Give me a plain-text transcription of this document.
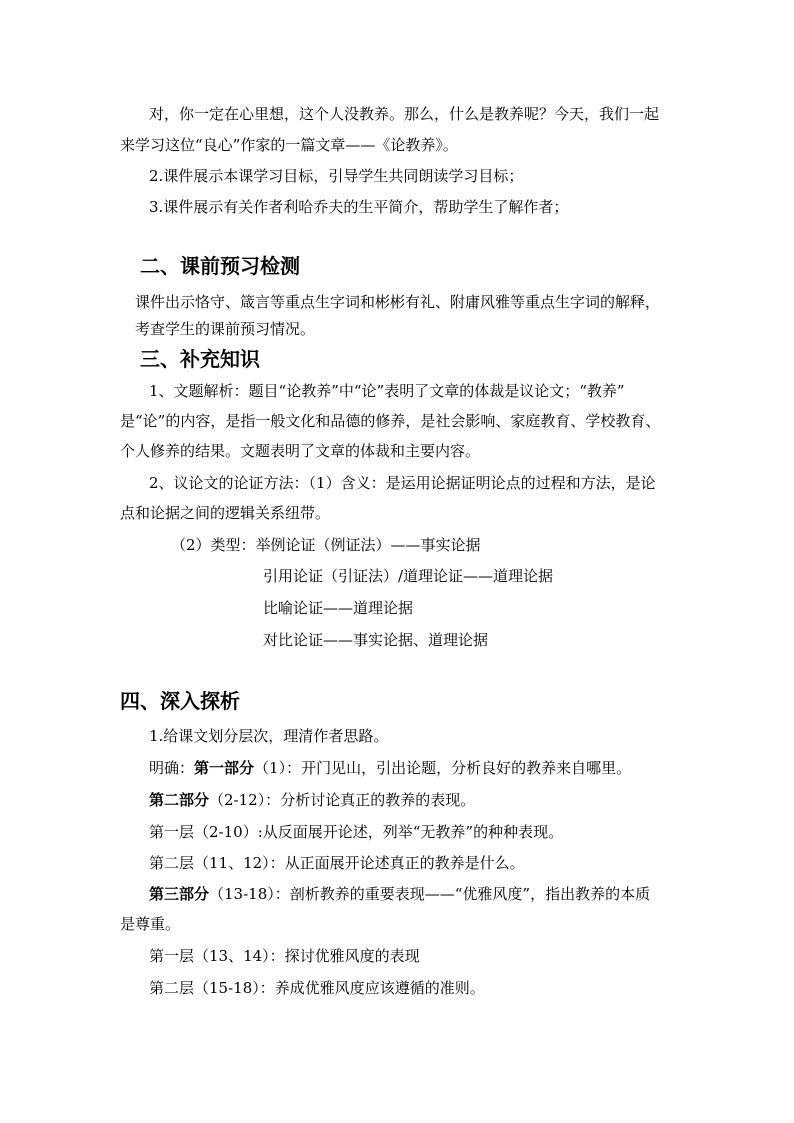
对，你一定在心里想，这个人没教养。那么，什么是教养呢？今天，我们一起
来学习这位“良心”作家的一篇文章——《论教养》。
2.课件展示本课学习目标，引导学生共同朗读学习目标；
3.课件展示有关作者利哈乔夫的生平简介，帮助学生了解作者；
二、课前预习检测
课件出示恪守、箴言等重点生字词和彬彬有礼、附庸风雅等重点生字词的解释，
考查学生的课前预习情况。
三、补充知识
1、文题解析：题目“论教养”中“论”表明了文章的体裁是议论文；“教养”
是“论”的内容，是指一般文化和品德的修养，是社会影响、家庭教育、学校教育、
个人修养的结果。文题表明了文章的体裁和主要内容。
2、议论文的论证方法：（1）含义：是运用论据证明论点的过程和方法，是论
点和论据之间的逻辑关系纽带。
（2）类型：举例论证（例证法）——事实论据
引用论证（引证法）/道理论证——道理论据
比喻论证——道理论据
对比论证——事实论据、道理论据
四、深入探析
1.给课文划分层次，理清作者思路。
明确：第一部分（1）：开门见山，引出论题，分析良好的教养来自哪里。
第二部分（2-12）：分析讨论真正的教养的表现。
第一层（2-10）:从反面展开论述，列举“无教养”的种种表现。
第二层（11、12）：从正面展开论述真正的教养是什么。
第三部分（13-18）：剖析教养的重要表现——“优雅风度”，指出教养的本质
是尊重。
第一层（13、14）：探讨优雅风度的表现
第二层（15-18）：养成优雅风度应该遵循的准则。
